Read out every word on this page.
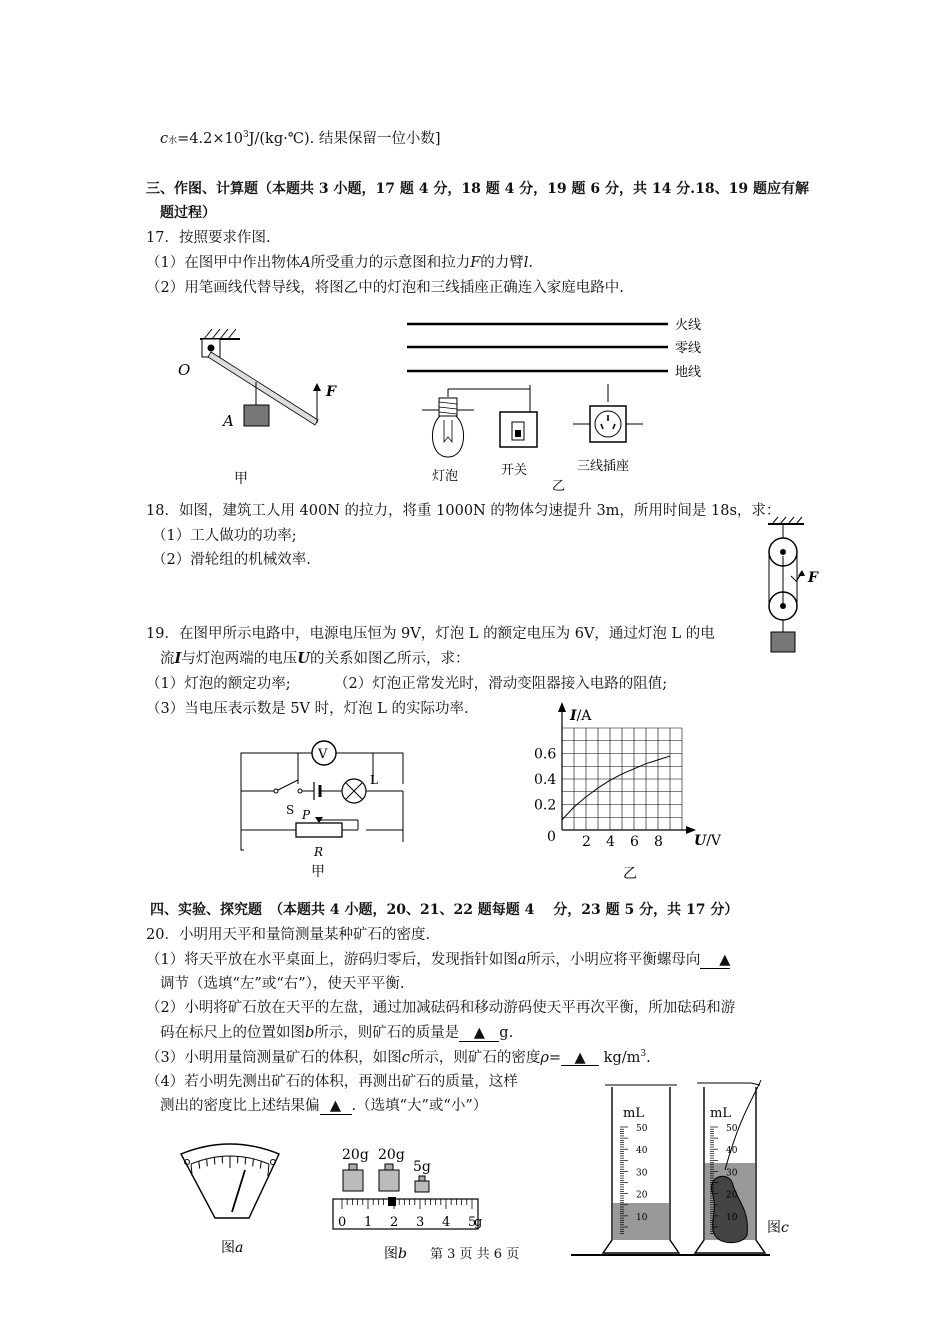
c水$=4.2\times 10^3J/(kg\cdot℃)$. 结果保留一位小数]
三、作图、计算题（本题共 3 小题，17 题 4 分，18 题 4 分，19 题 6 分，共 14 分.18、19 题应有解
题过程）
17．按照要求作图.
（1）在图甲中作出物体A所受重力的示意图和拉力F的力臂l.
（2）用笔画线代替导线，将图乙中的灯泡和三线插座正确连入家庭电路中.
O
A
F
甲
火线
零线
地线
灯泡	开关
乙
三线插座
18．如图，建筑工人用 400N 的拉力，将重 1000N 的物体匀速提升 3m，所用时间是 18s，求：
（1）工人做功的功率;
（2）滑轮组的机械效率.
F
19．在图甲所示电路中，电源电压恒为 9V，灯泡 L 的额定电压为 6V，通过灯泡 L 的电
流I与灯泡两端的电压U的关系如图乙所示，求：
（1）灯泡的额定功率;	（2）灯泡正常发光时，滑动变阻器接入电路的阻值;
（3）当电压表示数是 5V 时，灯泡 L 的实际功率.
V
S
L
P
R
甲
I/A
U/V
0 2 4 6 8
0.2
0.4
0.6
乙
四、实验、探究题　（本题共 4 小题，20、21、22 题每题 4　 分，23 题 5 分，共 17 分）
20．小明用天平和量筒测量某种矿石的密度.
（1）将天平放在水平桌面上，游码归零后，发现指针如图a所示，小明应将平衡螺母向 ▲
调节（选填“左”或“右”），使天平平衡.
（2）小明将矿石放在天平的左盘，通过加减砝码和移动游码使天平再次平衡，所加砝码和游
码在标尺上的位置如图b所示，则矿石的质量是 ▲ g.
（3）小明用量筒测量矿石的体积，如图c所示，则矿石的密度ρ= ▲ $kg/m^3$.
（4）若小明先测出矿石的体积，再测出矿石的质量，这样
测出的密度比上述结果偏 ▲ .（选填“大”或“小”）
图a
20g 20g
5g
0 1 2 3 4 5
g
图b
50
40
30
20
10
mL
50
40
30
20
10
mL
图c
第 3 页 共 6 页
